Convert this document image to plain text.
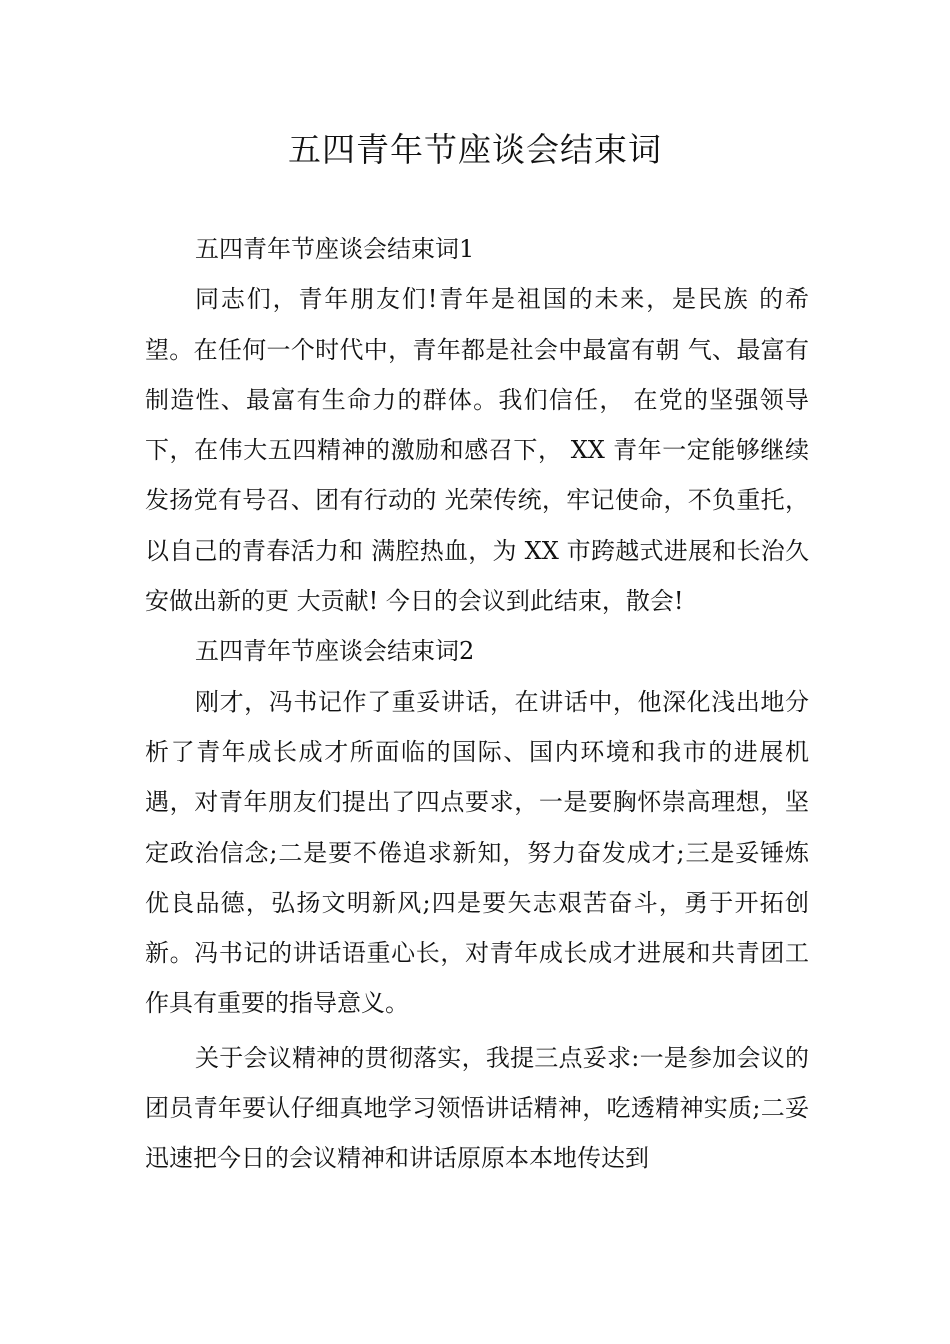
五四青年节座谈会结束词

五四青年节座谈会结束词1

同志们，青年朋友们!青年是祖国的未来，是民族 的希望。在任何一个时代中，青年都是社会中最富有朝 气、最富有制造性、最富有生命力的群体。我们信任， 在党的坚强领导下，在伟大五四精神的激励和感召下， XX 青年一定能够继续发扬党有号召、团有行动的 光荣传统，牢记使命，不负重托，以自己的青春活力和 满腔热血，为 XX 市跨越式进展和长治久安做出新的更 大贡献! 今日的会议到此结束，散会!

五四青年节座谈会结束词2

刚才，冯书记作了重妥讲话，在讲话中，他深化浅出地分析了青年成长成才所面临的国际、国内环境和我市的进展机遇，对青年朋友们提出了四点要求，一是要胸怀崇高理想，坚定政治信念;二是要不倦追求新知，努力奋发成才;三是妥锤炼优良品德，弘扬文明新风;四是要矢志艰苦奋斗，勇于开拓创新。冯书记的讲话语重心长，对青年成长成才进展和共青团工作具有重要的指导意义。

关于会议精神的贯彻落实，我提三点妥求:一是参加会议的团员青年要认仔细真地学习领悟讲话精神，吃透精神实质;二妥迅速把今日的会议精神和讲话原原本本地传达到
